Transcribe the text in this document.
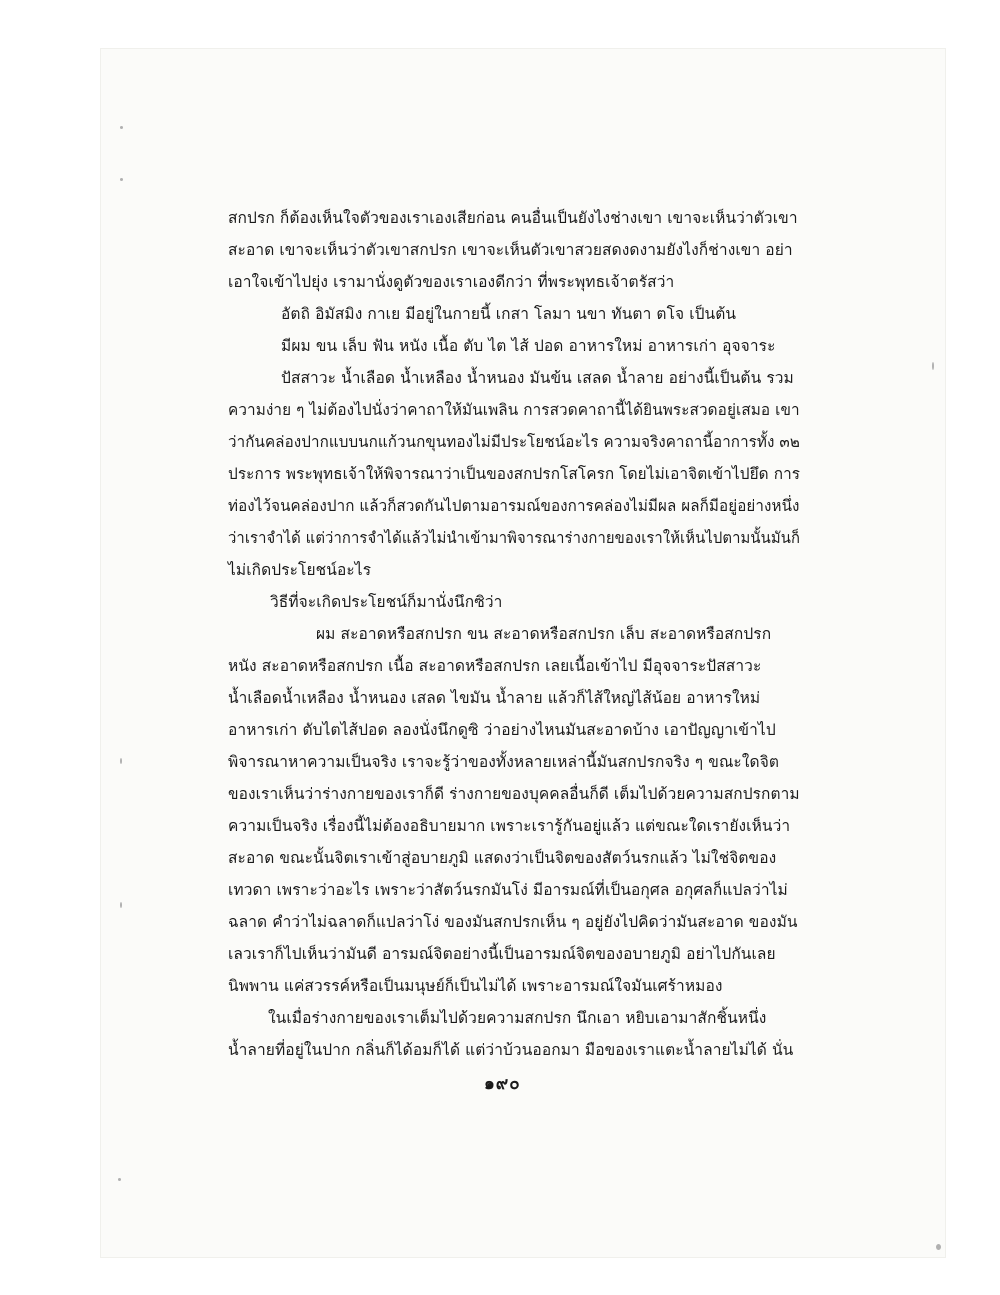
สกปรก ก็ต้องเห็นใจตัวของเราเองเสียก่อน คนอื่นเป็นยังไงช่างเขา เขาจะเห็นว่าตัวเขา
สะอาด เขาจะเห็นว่าตัวเขาสกปรก เขาจะเห็นตัวเขาสวยสดงดงามยังไงก็ช่างเขา อย่า
เอาใจเข้าไปยุ่ง เรามานั่งดูตัวของเราเองดีกว่า ที่พระพุทธเจ้าตรัสว่า
อัตถิ อิมัสมิง กาเย มีอยู่ในกายนี้ เกสา โลมา นขา ทันตา ตโจ เป็นต้น
มีผม ขน เล็บ ฟัน หนัง เนื้อ ตับ ไต ไส้ ปอด อาหารใหม่ อาหารเก่า อุจจาระ
ปัสสาวะ น้ำเลือด น้ำเหลือง น้ำหนอง มันข้น เสลด น้ำลาย อย่างนี้เป็นต้น รวม
ความง่าย ๆ ไม่ต้องไปนั่งว่าคาถาให้มันเพลิน การสวดคาถานี้ได้ยินพระสวดอยู่เสมอ เขา
ว่ากันคล่องปากแบบนกแก้วนกขุนทองไม่มีประโยชน์อะไร ความจริงคาถานี้อาการทั้ง ๓๒
ประการ พระพุทธเจ้าให้พิจารณาว่าเป็นของสกปรกโสโครก โดยไม่เอาจิตเข้าไปยึด การ
ท่องไว้จนคล่องปาก แล้วก็สวดกันไปตามอารมณ์ของการคล่องไม่มีผล ผลก็มีอยู่อย่างหนึ่ง
ว่าเราจำได้ แต่ว่าการจำได้แล้วไม่นำเข้ามาพิจารณาร่างกายของเราให้เห็นไปตามนั้นมันก็
ไม่เกิดประโยชน์อะไร
วิธีที่จะเกิดประโยชน์ก็มานั่งนึกซิว่า
ผม สะอาดหรือสกปรก ขน สะอาดหรือสกปรก เล็บ สะอาดหรือสกปรก
หนัง สะอาดหรือสกปรก เนื้อ สะอาดหรือสกปรก เลยเนื้อเข้าไป มีอุจจาระปัสสาวะ
น้ำเลือดน้ำเหลือง น้ำหนอง เสลด ไขมัน น้ำลาย แล้วก็ไส้ใหญ่ไส้น้อย อาหารใหม่
อาหารเก่า ตับไตไส้ปอด ลองนั่งนึกดูซิ ว่าอย่างไหนมันสะอาดบ้าง เอาปัญญาเข้าไป
พิจารณาหาความเป็นจริง เราจะรู้ว่าของทั้งหลายเหล่านี้มันสกปรกจริง ๆ ขณะใดจิต
ของเราเห็นว่าร่างกายของเราก็ดี ร่างกายของบุคคลอื่นก็ดี เต็มไปด้วยความสกปรกตาม
ความเป็นจริง เรื่องนี้ไม่ต้องอธิบายมาก เพราะเรารู้กันอยู่แล้ว แต่ขณะใดเรายังเห็นว่า
สะอาด ขณะนั้นจิตเราเข้าสู่อบายภูมิ แสดงว่าเป็นจิตของสัตว์นรกแล้ว ไม่ใช่จิตของ
เทวดา เพราะว่าอะไร เพราะว่าสัตว์นรกมันโง่ มีอารมณ์ที่เป็นอกุศล อกุศลก็แปลว่าไม่
ฉลาด คำว่าไม่ฉลาดก็แปลว่าโง่ ของมันสกปรกเห็น ๆ อยู่ยังไปคิดว่ามันสะอาด ของมัน
เลวเราก็ไปเห็นว่ามันดี อารมณ์จิตอย่างนี้เป็นอารมณ์จิตของอบายภูมิ อย่าไปกันเลย
นิพพาน แค่สวรรค์หรือเป็นมนุษย์ก็เป็นไม่ได้ เพราะอารมณ์ใจมันเศร้าหมอง
ในเมื่อร่างกายของเราเต็มไปด้วยความสกปรก นึกเอา หยิบเอามาสักชิ้นหนึ่ง
น้ำลายที่อยู่ในปาก กลิ่นก็ได้อมก็ได้ แต่ว่าบ้วนออกมา มือของเราแตะน้ำลายไม่ได้ นั่น
๑๙๐
